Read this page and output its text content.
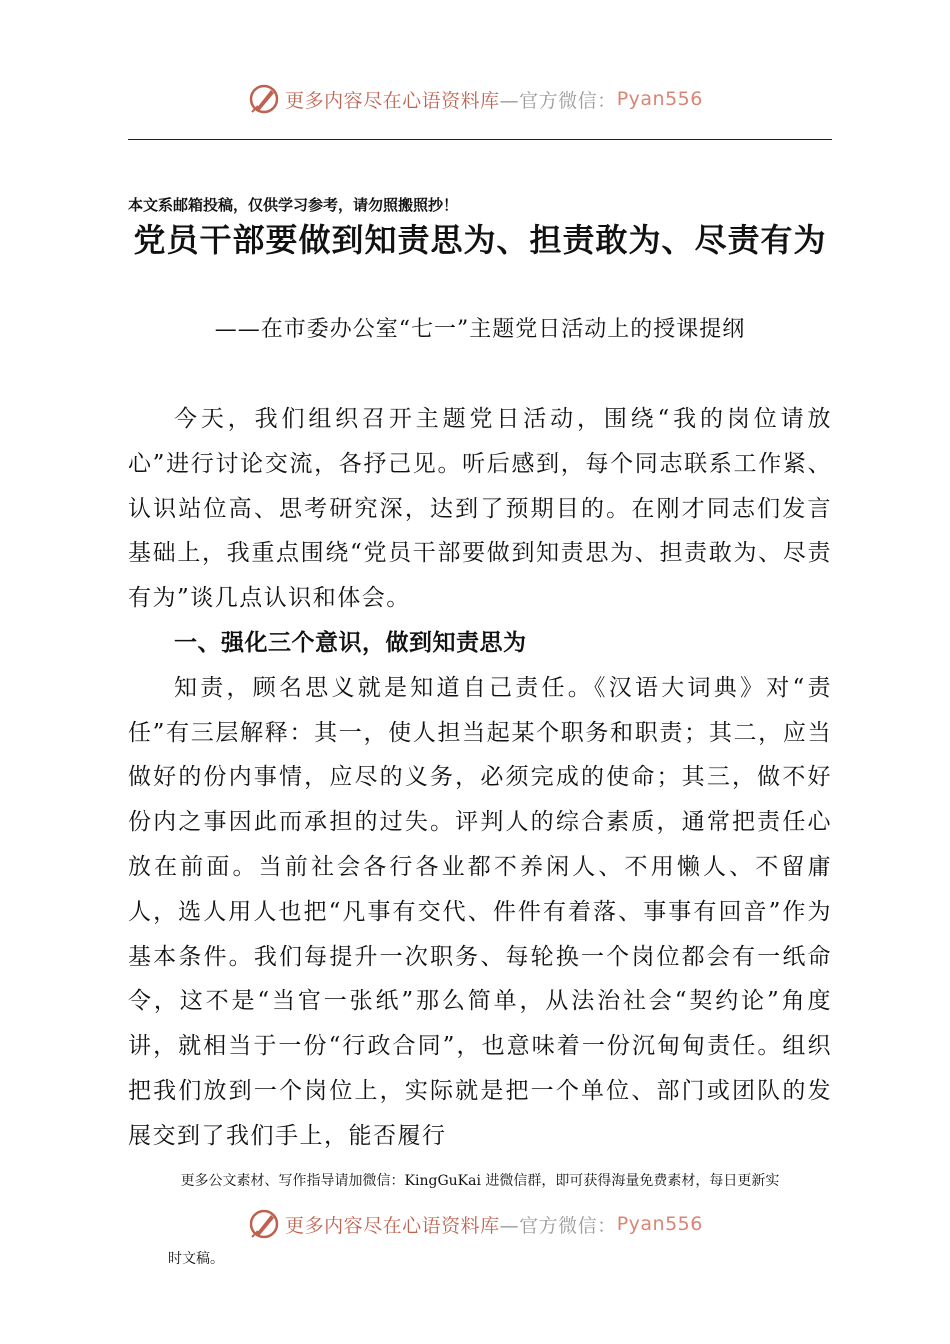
更多内容尽在心语资料库 —官方微信： Pyan556
本文系邮箱投稿，仅供学习参考，请勿照搬照抄！
党员干部要做到知责思为、担责敢为、尽责有为
——在市委办公室“七一”主题党日活动上的授课提纲

今天，我们组织召开主题党日活动，围绕“我的岗位请放心”进行讨论交流，各抒己见。听后感到，每个同志联系工作紧、认识站位高、思考研究深，达到了预期目的。在刚才同志们发言基础上，我重点围绕“党员干部要做到知责思为、担责敢为、尽责有为”谈几点认识和体会。

一、强化三个意识，做到知责思为

知责，顾名思义就是知道自己责任。《汉语大词典》对“责任”有三层解释：其一，使人担当起某个职务和职责；其二，应当做好的份内事情，应尽的义务，必须完成的使命；其三，做不好份内之事因此而承担的过失。评判人的综合素质，通常把责任心放在前面。当前社会各行各业都不养闲人、不用懒人、不留庸人，选人用人也把“凡事有交代、件件有着落、事事有回音”作为基本条件。我们每提升一次职务、每轮换一个岗位都会有一纸命令，这不是“当官一张纸”那么简单，从法治社会“契约论”角度讲，就相当于一份“行政合同”，也意味着一份沉甸甸责任。组织把我们放到一个岗位上，实际就是把一个单位、部门或团队的发展交到了我们手上，能否履行

更多公文素材、写作指导请加微信：KingGuKai 进微信群，即可获得海量免费素材，每日更新实
更多内容尽在心语资料库 —官方微信： Pyan556
时文稿。
